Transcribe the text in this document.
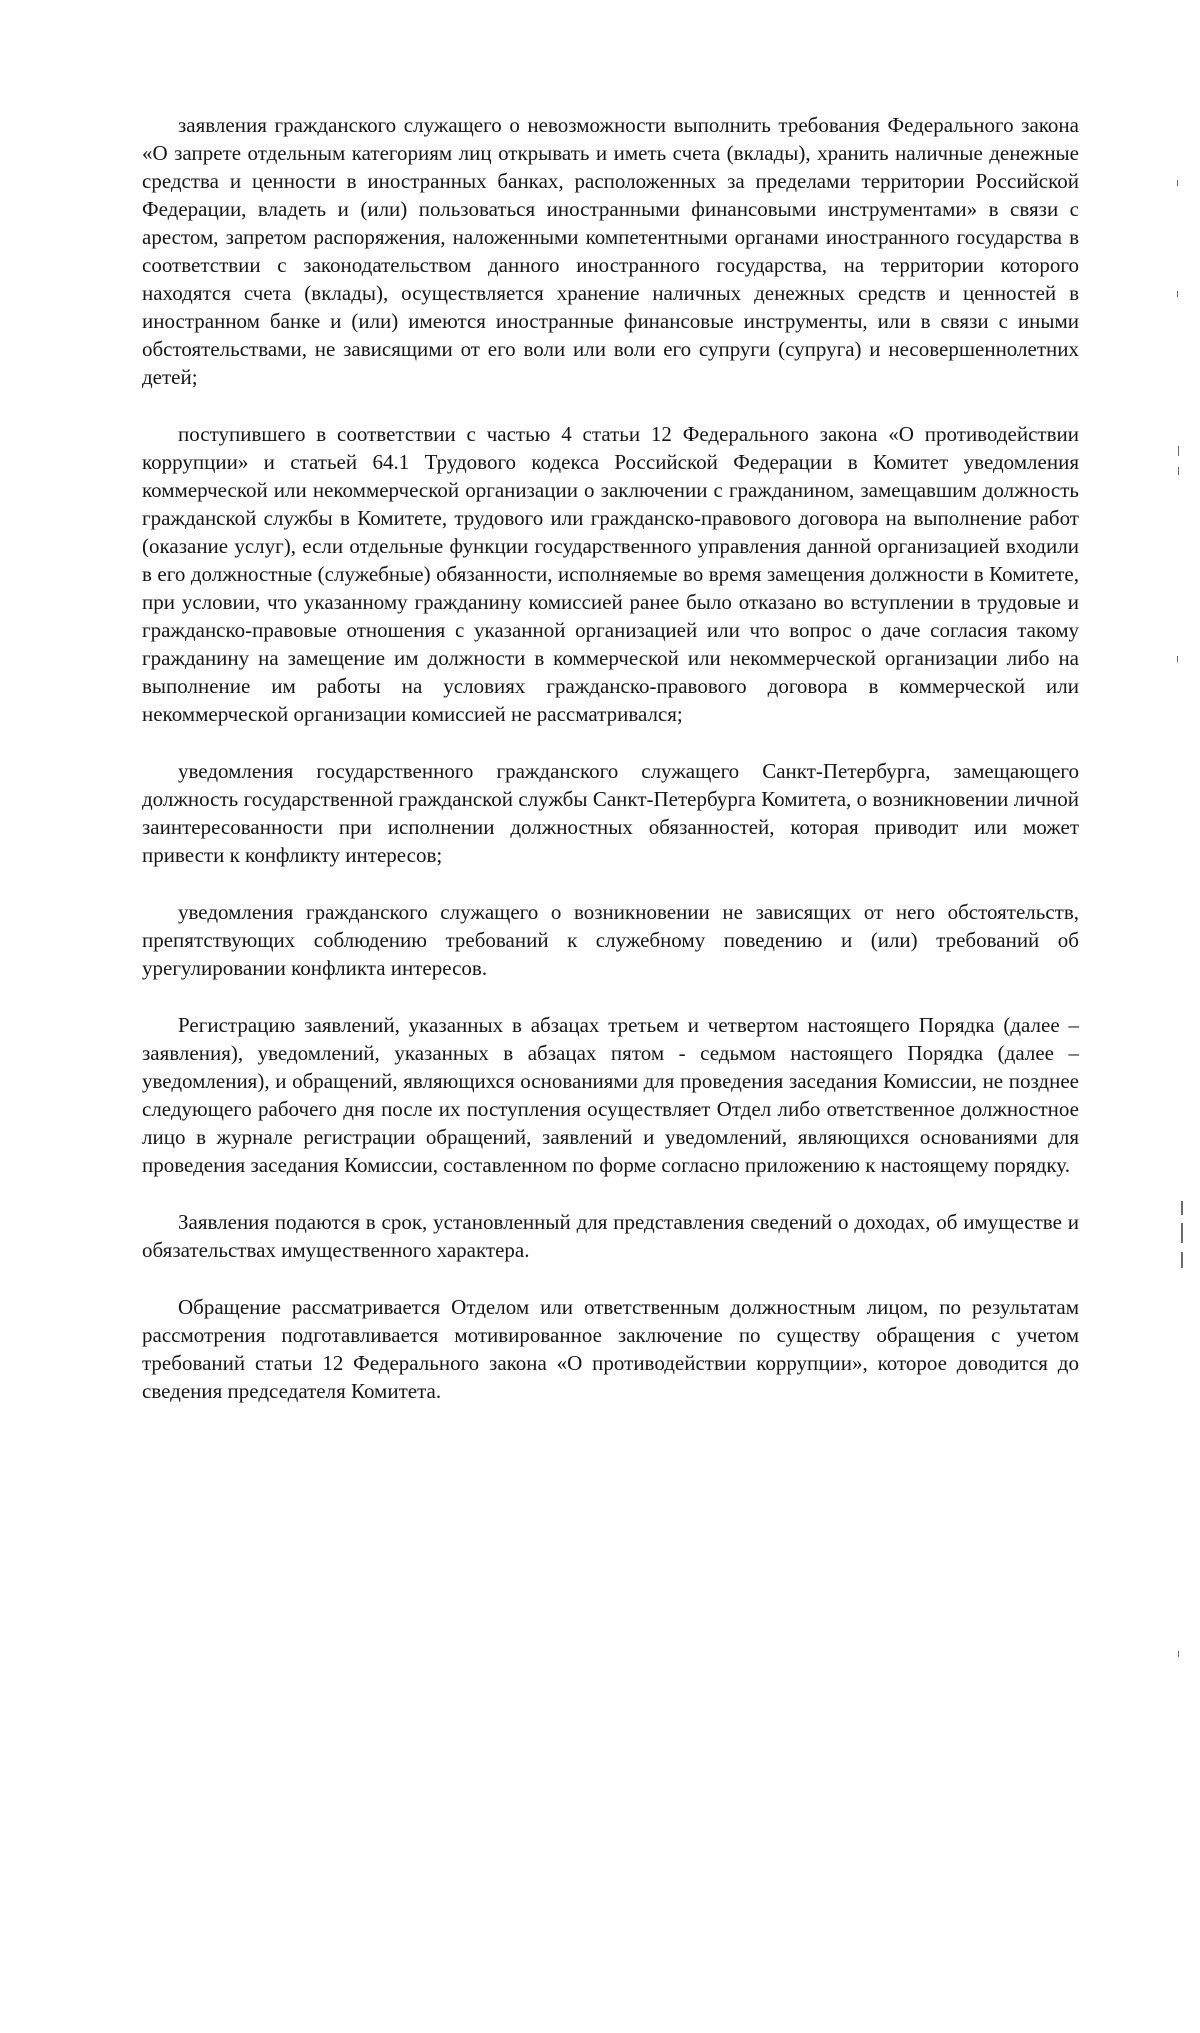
заявления гражданского служащего о невозможности выполнить требования Федерального закона «О запрете отдельным категориям лиц открывать и иметь счета (вклады), хранить наличные денежные средства и ценности в иностранных банках, расположенных за пределами территории Российской Федерации, владеть и (или) пользоваться иностранными финансовыми инструментами» в связи с арестом, запретом распоряжения, наложенными компетентными органами иностранного государства в соответствии с законодательством данного иностранного государства, на территории которого находятся счета (вклады), осуществляется хранение наличных денежных средств и ценностей в иностранном банке и (или) имеются иностранные финансовые инструменты, или в связи с иными обстоятельствами, не зависящими от его воли или воли его супруги (супруга) и несовершеннолетних детей;

поступившего в соответствии с частью 4 статьи 12 Федерального закона «О противодействии коррупции» и статьей 64.1 Трудового кодекса Российской Федерации в Комитет уведомления коммерческой или некоммерческой организации о заключении с гражданином, замещавшим должность гражданской службы в Комитете, трудового или гражданско-правового договора на выполнение работ (оказание услуг), если отдельные функции государственного управления данной организацией входили в его должностные (служебные) обязанности, исполняемые во время замещения должности в Комитете, при условии, что указанному гражданину комиссией ранее было отказано во вступлении в трудовые и гражданско-правовые отношения с указанной организацией или что вопрос о даче согласия такому гражданину на замещение им должности в коммерческой или некоммерческой организации либо на выполнение им работы на условиях гражданско-правового договора в коммерческой или некоммерческой организации комиссией не рассматривался;

уведомления государственного гражданского служащего Санкт-Петербурга, замещающего должность государственной гражданской службы Санкт-Петербурга Комитета, о возникновении личной заинтересованности при исполнении должностных обязанностей, которая приводит или может привести к конфликту интересов;

уведомления гражданского служащего о возникновении не зависящих от него обстоятельств, препятствующих соблюдению требований к служебному поведению и (или) требований об урегулировании конфликта интересов.

Регистрацию заявлений, указанных в абзацах третьем и четвертом настоящего Порядка (далее – заявления), уведомлений, указанных в абзацах пятом - седьмом настоящего Порядка (далее – уведомления), и обращений, являющихся основаниями для проведения заседания Комиссии, не позднее следующего рабочего дня после их поступления осуществляет Отдел либо ответственное должностное лицо в журнале регистрации обращений, заявлений и уведомлений, являющихся основаниями для проведения заседания Комиссии, составленном по форме согласно приложению к настоящему порядку.

Заявления подаются в срок, установленный для представления сведений о доходах, об имуществе и обязательствах имущественного характера.

Обращение рассматривается Отделом или ответственным должностным лицом, по результатам рассмотрения подготавливается мотивированное заключение по существу обращения с учетом требований статьи 12 Федерального закона «О противодействии коррупции», которое доводится до сведения председателя Комитета.
